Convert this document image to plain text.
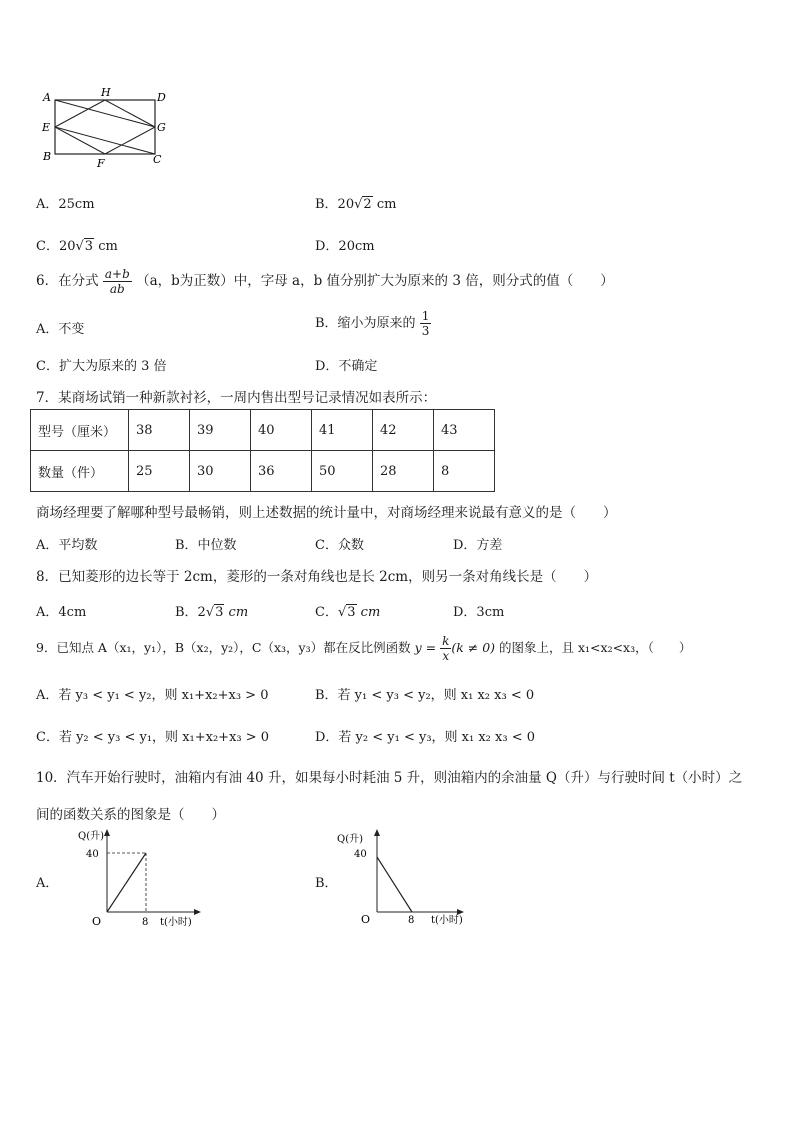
A	H	D
E	G
B
F	C
A．25cm	B．20√2 cm
C．20√3 cm	D．20cm
6．在分式 $\frac{a+b}{ab} (a$，b为正数）中，字母 a，b 值分别扩大为原来的 3 倍，则分式的值（　　）
A．不变	B．缩小为原来的 $\frac{1}{3}$
C．扩大为原来的 3 倍	D．不确定
7．某商场试销一种新款衬衫，一周内售出型号记录情况如表所示：
型号（厘米）	38	39	40	41	42	43
数量（件）	25	30	36	50	28	8
商场经理要了解哪种型号最畅销，则上述数据的统计量中，对商场经理来说最有意义的是（　　）
A．平均数	B．中位数	C．众数	D．方差
8．已知菱形的边长等于 2cm，菱形的一条对角线也是长 2cm，则另一条对角线长是（　　）
A．4cm	B．2√3 cm	C．√3 cm	D．3cm
9．已知点 A（x₁，y₁），B（x₂，y₂），C（x₃，y₃）都在反比例函数 $y = \frac{k}{x} (k \ne 0)$ 的图象上，且 x₁<x₂<x₃，（　　）
A．若 y₃ < y₁ < y₂，则 x₁+x₂+x₃ > 0	B．若 y₁ < y₃ < y₂，则 x₁ x₂ x₃ < 0
C．若 y₂ < y₃ < y₁，则 x₁+x₂+x₃ > 0	D．若 y₂ < y₁ < y₃，则 x₁ x₂ x₃ < 0
10．汽车开始行驶时，油箱内有油 40 升，如果每小时耗油 5 升，则油箱内的余油量 Q（升）与行驶时间 t（小时）之
间的函数关系的图象是（　　）
A．
Q(升)
40
O	8 t(小时)
B．
Q(升)
40
O	8 t(小时)
